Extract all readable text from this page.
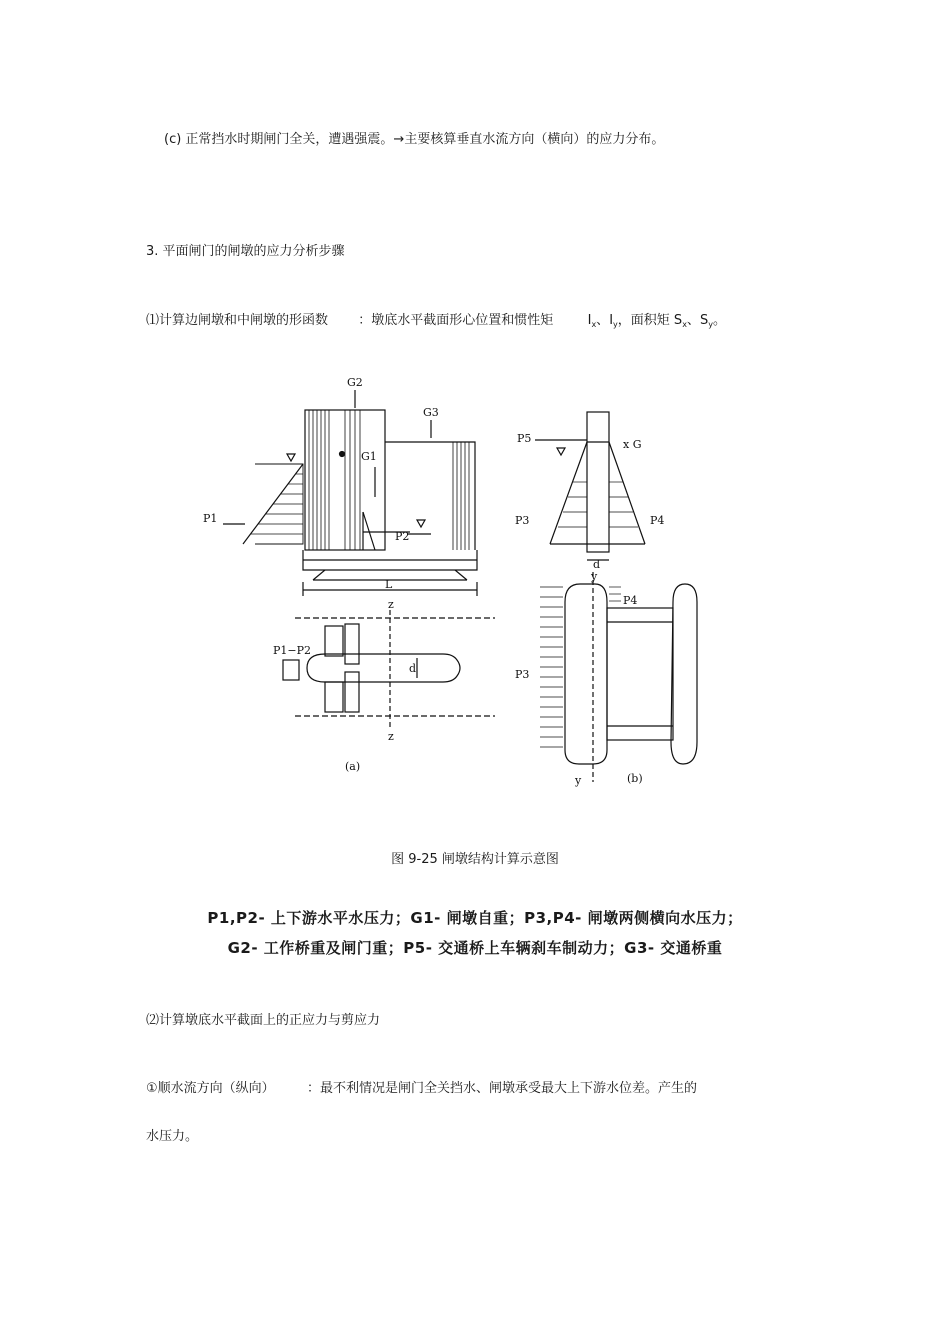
(c) 正常挡水时期闸门全关，遭遇强震。→主要核算垂直水流方向（横向）的应力分布。
3. 平面闸门的闸墩的应力分析步骤
⑴计算边闸墩和中闸墩的形函数 ：墩底水平截面形心位置和惯性矩	$I_x$、$I_y$，面积矩 $S_x$、$S_y$。
G2
G3
G1
P1
P2
L
z
z
P1−P2
d
(a)
P5	x G
P3	P4
d
y
P4
P3
y	(b)
图 9-25 闸墩结构计算示意图
P1,P2- 上下游水平水压力；G1- 闸墩自重；P3,P4- 闸墩两侧横向水压力；
G2- 工作桥重及闸门重；P5- 交通桥上车辆刹车制动力；G3- 交通桥重
⑵计算墩底水平截面上的正应力与剪应力
①顺水流方向（纵向） ：最不利情况是闸门全关挡水、闸墩承受最大上下游水位差。产生的
水压力。
